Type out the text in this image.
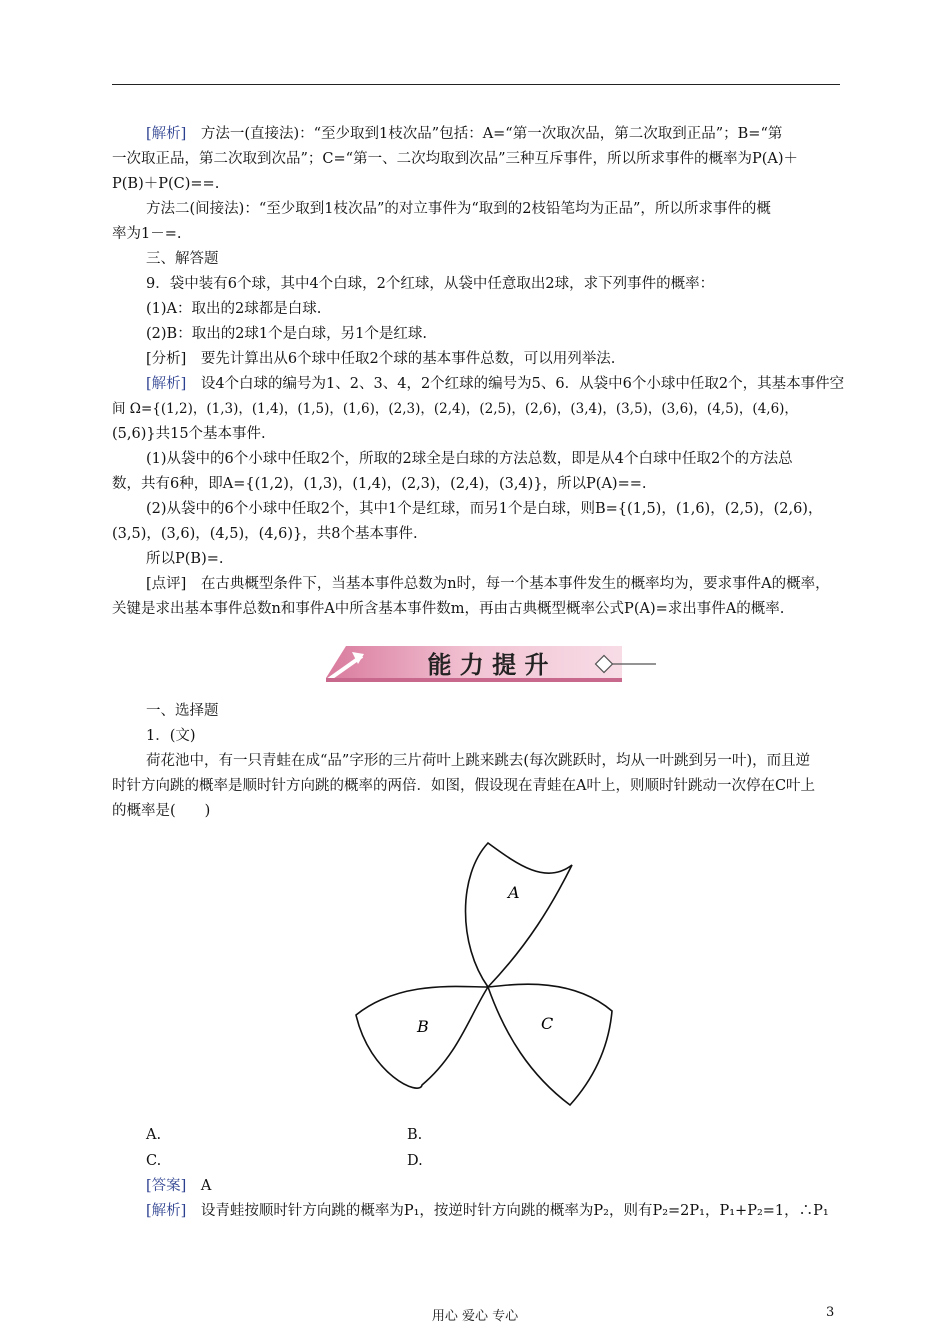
[解析]　方法一(直接法)：“至少取到1枝次品”包括：A=“第一次取次品，第二次取到正品”；B=“第
一次取正品，第二次取到次品”；C=“第一、二次均取到次品”三种互斥事件，所以所求事件的概率为P(A)＋
P(B)＋P(C)==.
方法二(间接法)：“至少取到1枝次品”的对立事件为“取到的2枝铅笔均为正品”，所以所求事件的概
率为1－=.
三、解答题
9．袋中装有6个球，其中4个白球，2个红球，从袋中任意取出2球，求下列事件的概率：
(1)A：取出的2球都是白球.
(2)B：取出的2球1个是白球，另1个是红球.
[分析]　要先计算出从6个球中任取2个球的基本事件总数，可以用列举法.
[解析]　设4个白球的编号为1、2、3、4，2个红球的编号为5、6．从袋中6个小球中任取2个，其基本事件空
间 Ω={(1,2)，(1,3)，(1,4)，(1,5)，(1,6)，(2,3)，(2,4)，(2,5)，(2,6)，(3,4)，(3,5)，(3,6)，(4,5)，(4,6)，
(5,6)}共15个基本事件.
(1)从袋中的6个小球中任取2个，所取的2球全是白球的方法总数，即是从4个白球中任取2个的方法总
数，共有6种，即A={(1,2)，(1,3)，(1,4)，(2,3)，(2,4)，(3,4)}，所以P(A)==.
(2)从袋中的6个小球中任取2个，其中1个是红球，而另1个是白球，则B={(1,5)，(1,6)，(2,5)，(2,6)，
(3,5)，(3,6)，(4,5)，(4,6)}，共8个基本事件.
所以P(B)=.
[点评]　在古典概型条件下，当基本事件总数为n时，每一个基本事件发生的概率均为，要求事件A的概率，
关键是求出基本事件总数n和事件A中所含基本事件数m，再由古典概型概率公式P(A)=求出事件A的概率.
能 力 提 升
一、选择题
1．(文)
荷花池中，有一只青蛙在成“品”字形的三片荷叶上跳来跳去(每次跳跃时，均从一叶跳到另一叶)，而且逆
时针方向跳的概率是顺时针方向跳的概率的两倍．如图，假设现在青蛙在A叶上，则顺时针跳动一次停在C叶上
的概率是(　　)
A
B	C
A.	B.
C.	D.
[答案]　A
[解析]　设青蛙按顺时针方向跳的概率为P₁，按逆时针方向跳的概率为P₂，则有P₂=2P₁，P₁+P₂=1，∴P₁
用心 爱心 专心	3
